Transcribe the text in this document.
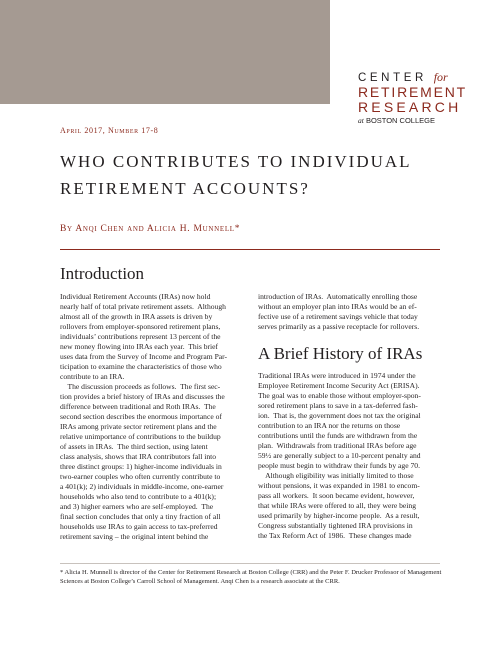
CENTER for
RETIREMENT
RESEARCH
at BOSTON COLLEGE
April 2017, Number 17-8
WHO CONTRIBUTES TO INDIVIDUAL
RETIREMENT ACCOUNTS?
By Anqi Chen and Alicia H. Munnell*
Introduction
Individual Retirement Accounts (IRAs) now hold
nearly half of total private retirement assets.  Although
almost all of the growth in IRA assets is driven by
rollovers from employer-sponsored retirement plans,
individuals’ contributions represent 13 percent of the
new money flowing into IRAs each year.  This brief
uses data from the Survey of Income and Program Par-
ticipation to examine the characteristics of those who
contribute to an IRA.
The discussion proceeds as follows.  The first sec-
tion provides a brief history of IRAs and discusses the
difference between traditional and Roth IRAs.  The
second section describes the enormous importance of
IRAs among private sector retirement plans and the
relative unimportance of contributions to the buildup
of assets in IRAs.  The third section, using latent
class analysis, shows that IRA contributors fall into
three distinct groups: 1) higher-income individuals in
two-earner couples who often currently contribute to
a 401(k); 2) individuals in middle-income, one-earner
households who also tend to contribute to a 401(k);
and 3) higher earners who are self-employed.  The
final section concludes that only a tiny fraction of all
households use IRAs to gain access to tax-preferred
retirement saving – the original intent behind the
introduction of IRAs.  Automatically enrolling those
without an employer plan into IRAs would be an ef-
fective use of a retirement savings vehicle that today
serves primarily as a passive receptacle for rollovers.
A Brief History of IRAs
Traditional IRAs were introduced in 1974 under the
Employee Retirement Income Security Act (ERISA).
The goal was to enable those without employer-spon-
sored retirement plans to save in a tax-deferred fash-
ion.  That is, the government does not tax the original
contribution to an IRA nor the returns on those
contributions until the funds are withdrawn from the
plan.  Withdrawals from traditional IRAs before age
59½ are generally subject to a 10-percent penalty and
people must begin to withdraw their funds by age 70.
Although eligibility was initially limited to those
without pensions, it was expanded in 1981 to encom-
pass all workers.  It soon became evident, however,
that while IRAs were offered to all, they were being
used primarily by higher-income people.  As a result,
Congress substantially tightened IRA provisions in
the Tax Reform Act of 1986.  These changes made
* Alicia H. Munnell is director of the Center for Retirement Research at Boston College (CRR) and the Peter F. Drucker Professor of Management Sciences at Boston College’s Carroll School of Management. Anqi Chen is a research associate at the CRR.
